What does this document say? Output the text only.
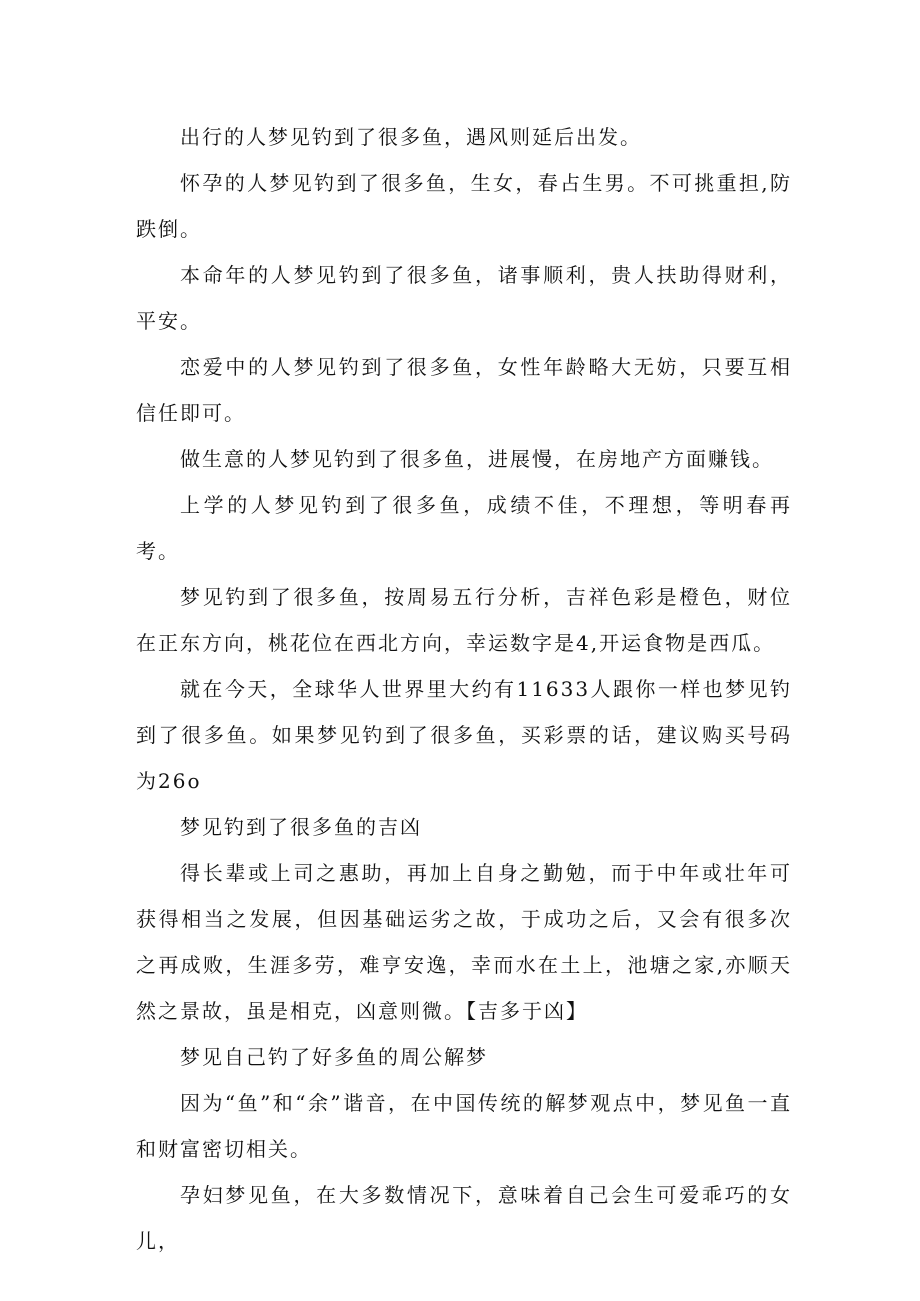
出行的人梦见钓到了很多鱼，遇风则延后出发。

怀孕的人梦见钓到了很多鱼，生女，春占生男。不可挑重担,防跌倒。

本命年的人梦见钓到了很多鱼，诸事顺利，贵人扶助得财利，平安。

恋爱中的人梦见钓到了很多鱼，女性年龄略大无妨，只要互相信任即可。

做生意的人梦见钓到了很多鱼，进展慢，在房地产方面赚钱。

上学的人梦见钓到了很多鱼，成绩不佳，不理想，等明春再考。

梦见钓到了很多鱼，按周易五行分析，吉祥色彩是橙色，财位在正东方向，桃花位在西北方向，幸运数字是4,开运食物是西瓜。

就在今天，全球华人世界里大约有11633人跟你一样也梦见钓到了很多鱼。如果梦见钓到了很多鱼，买彩票的话，建议购买号码为26o

梦见钓到了很多鱼的吉凶

得长辈或上司之惠助，再加上自身之勤勉，而于中年或壮年可获得相当之发展，但因基础运劣之故，于成功之后，又会有很多次之再成败，生涯多劳，难亨安逸，幸而水在土上，池塘之家,亦顺天然之景故，虽是相克，凶意则微。【吉多于凶】

梦见自己钓了好多鱼的周公解梦

因为“鱼”和“余”谐音，在中国传统的解梦观点中，梦见鱼一直和财富密切相关。

孕妇梦见鱼，在大多数情况下，意味着自己会生可爱乖巧的女儿，
